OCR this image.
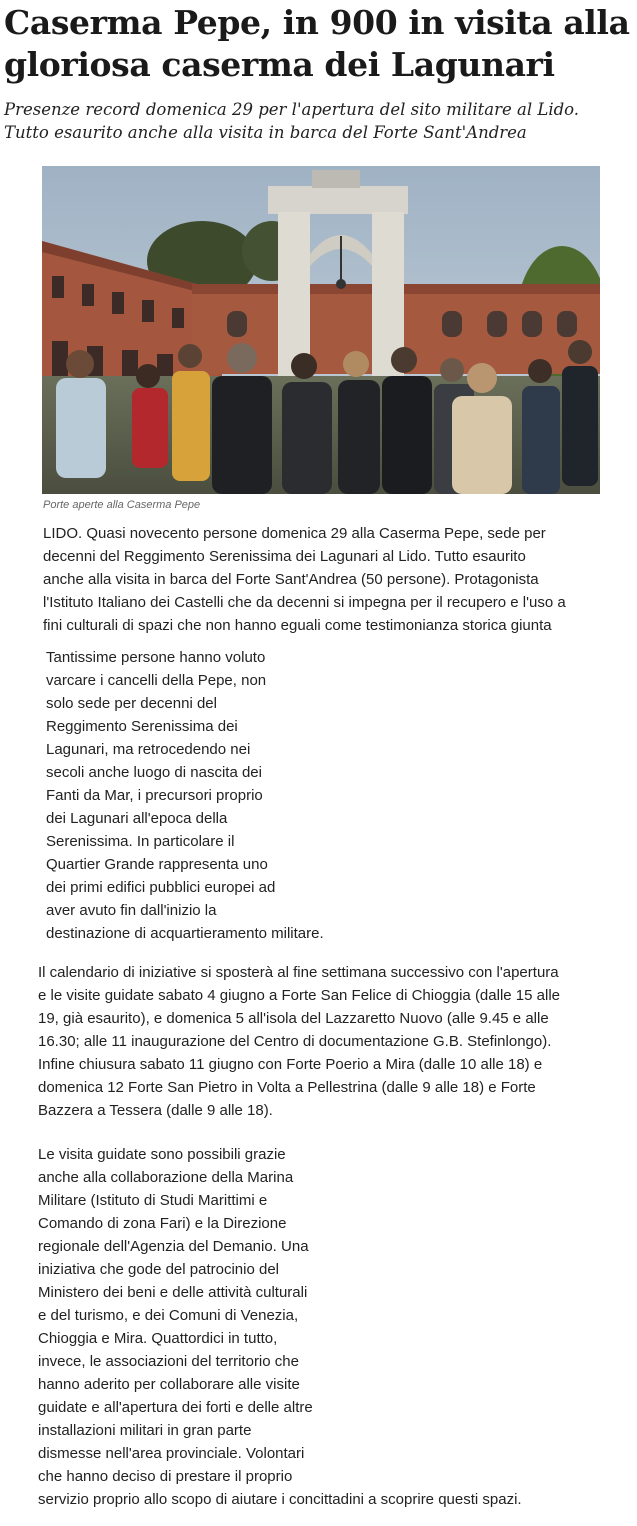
Caserma Pepe, in 900 in visita alla
gloriosa caserma dei Lagunari

Presenze record domenica 29 per l'apertura del sito militare al Lido.
Tutto esaurito anche alla visita in barca del Forte Sant'Andrea

Porte aperte alla Caserma Pepe

LIDO. Quasi novecento persone domenica 29 alla Caserma Pepe, sede per
decenni del Reggimento Serenissima dei Lagunari al Lido. Tutto esaurito
anche alla visita in barca del Forte Sant'Andrea (50 persone). Protagonista
l'Istituto Italiano dei Castelli che da decenni si impegna per il recupero e l'uso a
fini culturali di spazi che non hanno eguali come testimonianza storica giunta

Tantissime persone hanno voluto
varcare i cancelli della Pepe, non
solo sede per decenni del
Reggimento Serenissima dei
Lagunari, ma retrocedendo nei
secoli anche luogo di nascita dei
Fanti da Mar, i precursori proprio
dei Lagunari all'epoca della
Serenissima. In particolare il
Quartier Grande rappresenta uno
dei primi edifici pubblici europei ad
aver avuto fin dall'inizio la
destinazione di acquartieramento militare.

Il calendario di iniziative si sposterà al fine settimana successivo con l'apertura
e le visite guidate sabato 4 giugno a Forte San Felice di Chioggia (dalle 15 alle
19, già esaurito), e domenica 5 all'isola del Lazzaretto Nuovo (alle 9.45 e alle
16.30; alle 11 inaugurazione del Centro di documentazione G.B. Stefinlongo).
Infine chiusura sabato 11 giugno con Forte Poerio a Mira (dalle 10 alle 18) e
domenica 12 Forte San Pietro in Volta a Pellestrina (dalle 9 alle 18) e Forte
Bazzera a Tessera (dalle 9 alle 18).

Le visita guidate sono possibili grazie
anche alla collaborazione della Marina
Militare (Istituto di Studi Marittimi e
Comando di zona Fari) e la Direzione
regionale dell'Agenzia del Demanio. Una
iniziativa che gode del patrocinio del
Ministero dei beni e delle attività culturali
e del turismo, e dei Comuni di Venezia,
Chioggia e Mira. Quattordici in tutto,
invece, le associazioni del territorio che
hanno aderito per collaborare alle visite
guidate e all'apertura dei forti e delle altre
installazioni militari in gran parte
dismesse nell'area provinciale. Volontari
che hanno deciso di prestare il proprio
servizio proprio allo scopo di aiutare i concittadini a scoprire questi spazi.
